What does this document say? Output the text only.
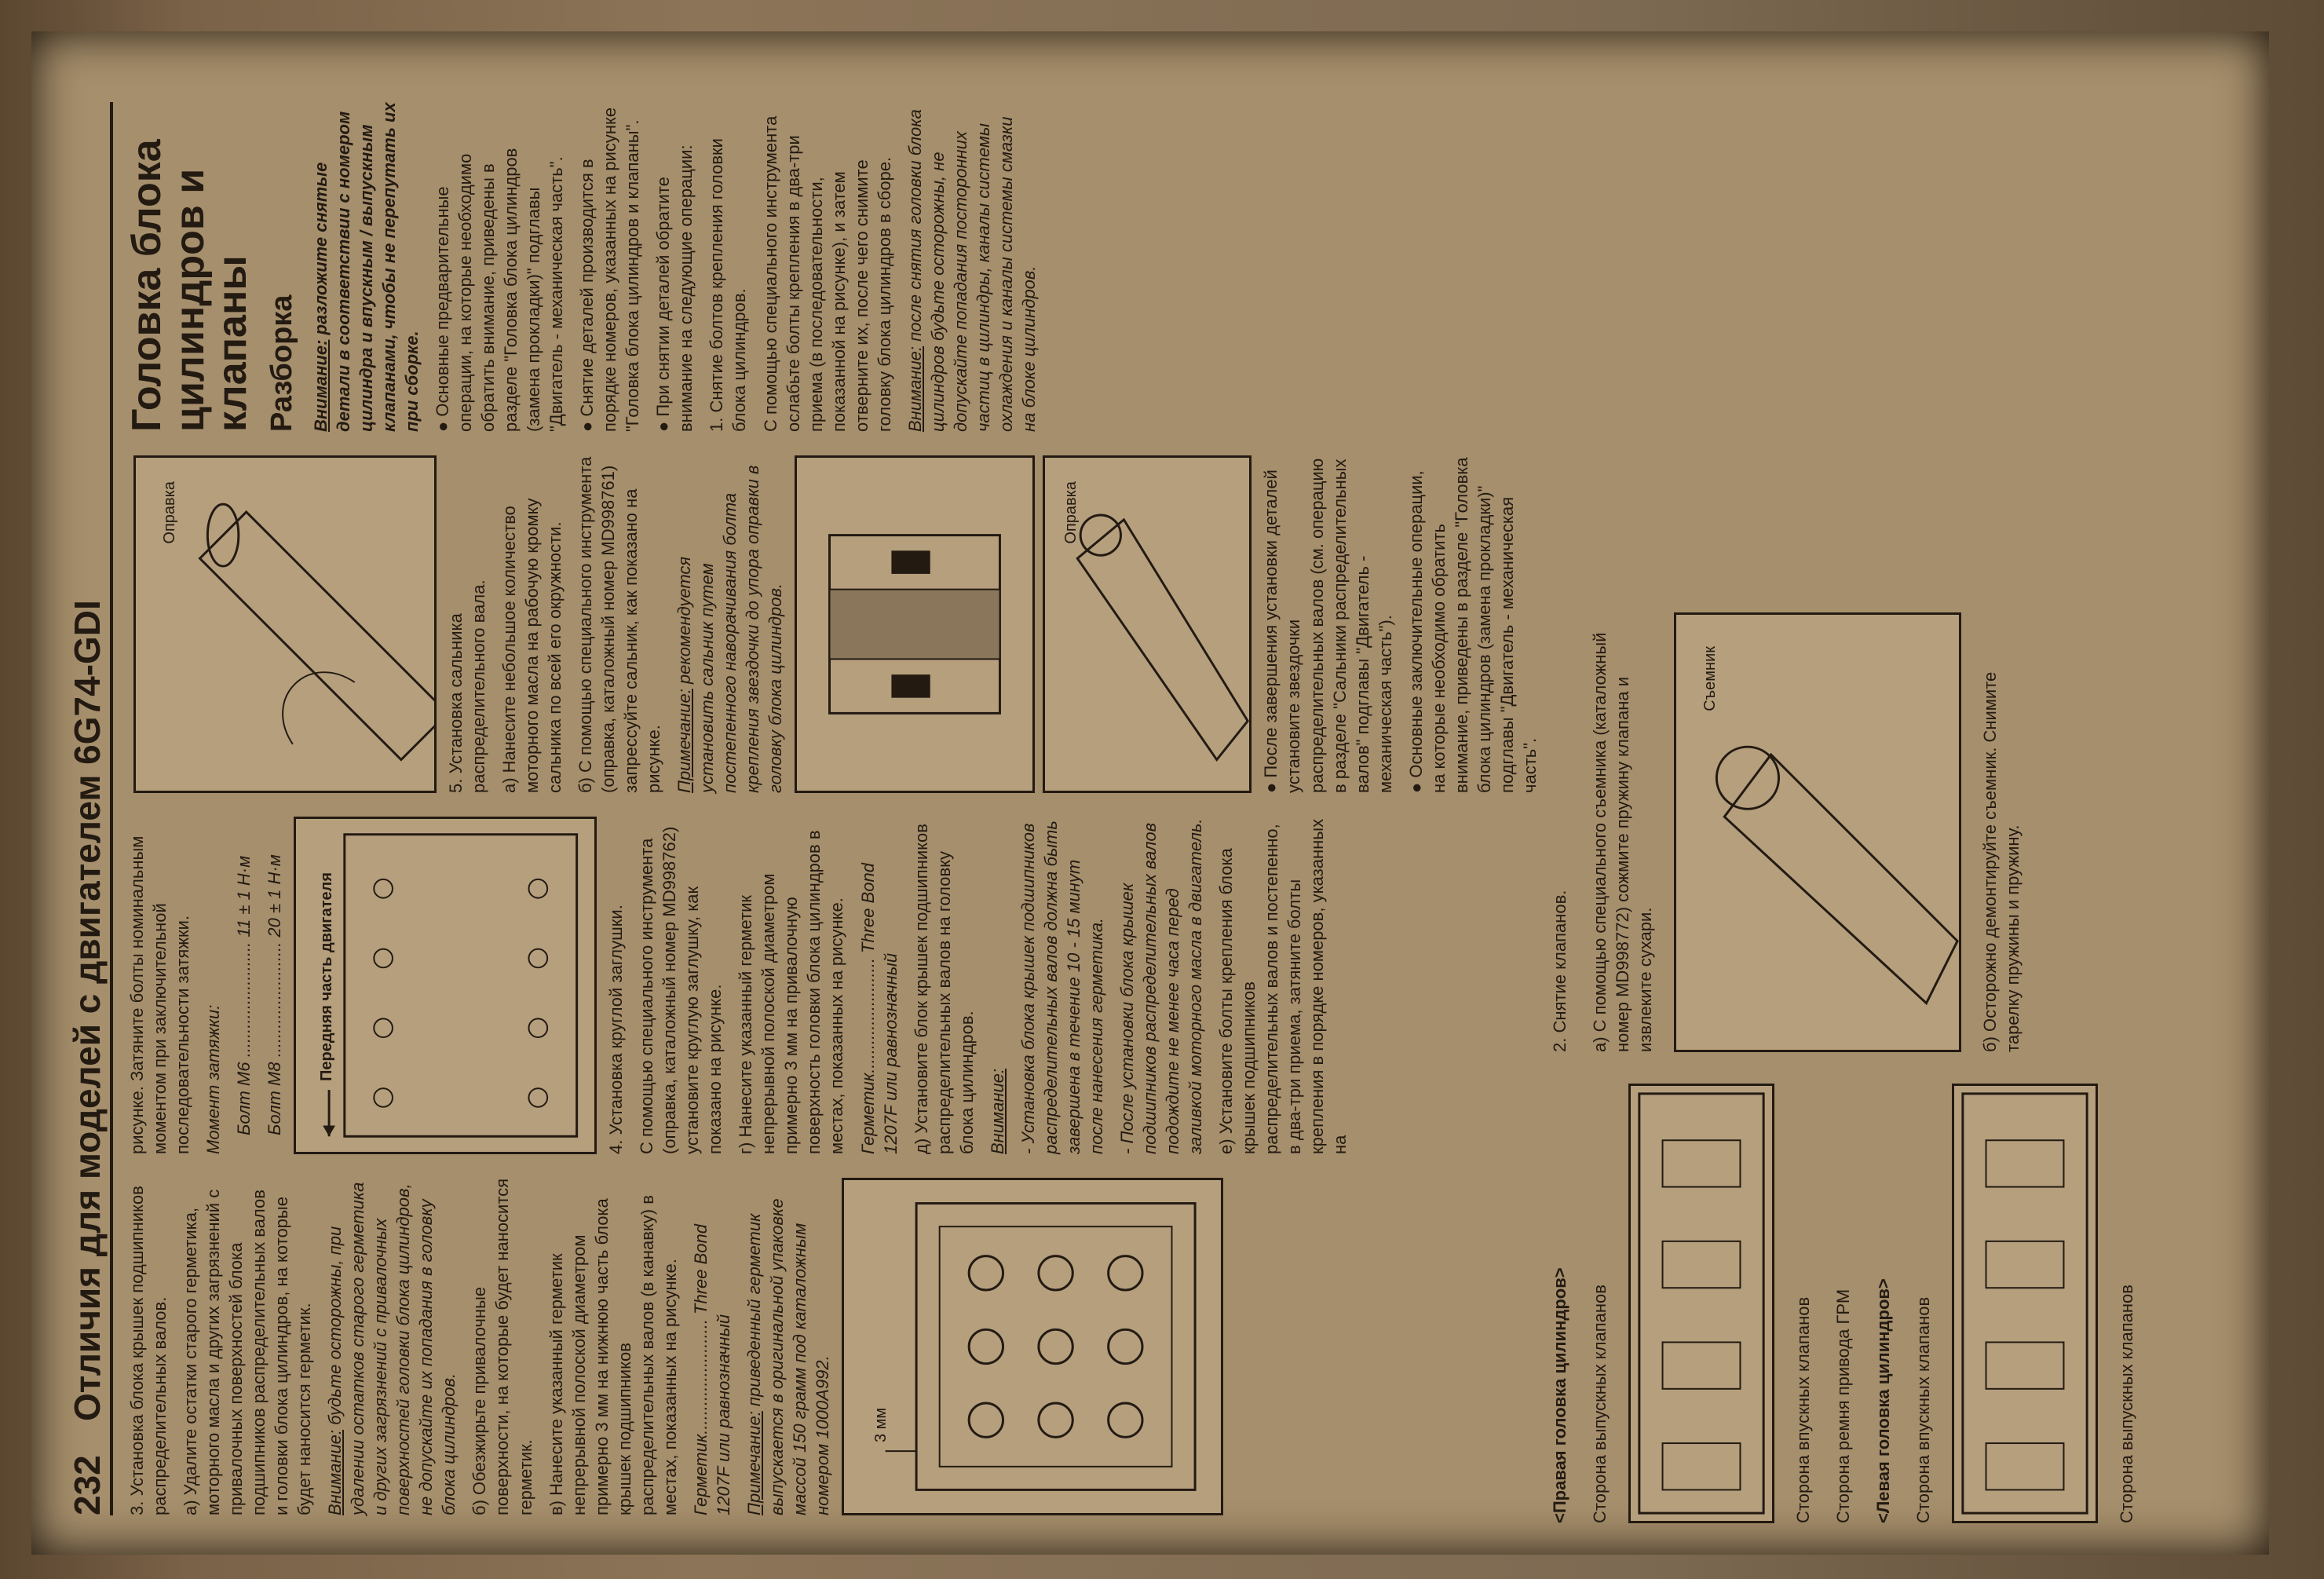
232
Отличия для моделей с двигателем 6G74-GDI 3. Установка блока крышек подшипников распределительных валов. а) Удалите остатки старого герметика, моторного масла и других загрязнений с привалочных поверхностей блока подшипников распределительных валов и головки блока цилиндров, на которые будет наносится герметик. Внимание: будьте осторожны, при удалении остатков старого герметика и других загрязнений с привалочных поверхностей головки блока цилиндров, не допускайте их попадания в головку блока цилиндров. б) Обезжирьте привалочные поверхности, на которые будет наносится герметик. в) Нанесите указанный герметик непрерывной полоской диаметром примерно 3 мм на нижнюю часть блока крышек подшипников распределительных валов (в канавку) в местах, показанных на рисунке. Герметик........................ Three Bond 1207F или равнозначный Примечание: приведенный герметик выпускается в оригинальной упаковке массой 150 грамм под каталожным номером 1000A992.	3 мм

рисунке. Затяните болты номинальным моментом при заключительной последовательности затяжки. Момент затяжки: Болт М6 ........................ 11 ± 1 Н·м Болт М8 ........................ 20 ± 1 Н·м Передняя часть двигателя	4. Установка круглой заглушки. С помощью специального инструмента (оправка, каталожный номер MD998762) установите круглую заглушку, как показано на рисунке. г) Нанесите указанный герметик непрерывной полоской диаметром примерно 3 мм на привалочную поверхность головки блока цилиндров в местах, показанных на рисунке. Герметик........................ Three Bond 1207F или равнозначный д) Установите блок крышек подшипников распределительных валов на головку блока цилиндров. Внимание: - Установка блока крышек подшипников распределительных валов должна быть завершена в течение 10 - 15 минут после нанесения герметика. - После установки блока крышек подшипников распределительных валов подождите не менее часа перед заливкой моторного масла в двигатель. е) Установите болты крепления блока крышек подшипников распределительных валов и постепенно, в два-три приема, затяните болты крепления в порядке номеров, указанных на

Оправка

5. Установка сальника распределительного вала. а) Нанесите небольшое количество моторного масла на рабочую кромку сальника по всей его окружности. б) С помощью специального инструмента (оправка, каталожный номер MD998761) запрессуйте сальник, как показано на рисунке. Примечание: рекомендуется установить сальник путем постепенного наворачивания болта крепления звездочки до упора оправки в головку блока цилиндров.

Оправка	● После завершения установки деталей установите звездочки распределительных валов (см. операцию в разделе "Сальники распределительных валов" подглавы "Двигатель - механическая часть"). ● Основные заключительные операции, на которые необходимо обратить внимание, приведены в разделе "Головка блока цилиндров (замена прокладки)" подглавы "Двигатель - механическая часть".

Головка блока цилиндров и клапаны Разборка Внимание: разложите снятые детали в соответствии с номером цилиндра и впускным / выпускным клапанами, чтобы не перепутать их при сборке. ● Основные предварительные операции, на которые необходимо обратить внимание, приведены в разделе "Головка блока цилиндров (замена прокладки)" подглавы "Двигатель - механическая часть". ● Снятие деталей производится в порядке номеров, указанных на рисунке "Головка блока цилиндров и клапаны". ● При снятии деталей обратите внимание на следующие операции: 1. Снятие болтов крепления головки блока цилиндров. С помощью специального инструмента ослабьте болты крепления в два-три приема (в последовательности, показанной на рисунке), и затем отверните их, после чего снимите головку блока цилиндров в сборе. Внимание: после снятия головки блока цилиндров будьте осторожны, не допускайте попадания посторонних частиц в цилиндры, каналы системы охлаждения и каналы системы смазки на блоке цилиндров.

<Правая головка цилиндров> Сторона выпускных клапанов	Сторона впускных клапанов Сторона ремня привода ГРМ <Левая головка цилиндров> Сторона впускных клапанов	Сторона выпускных клапанов

2. Снятие клапанов. а) С помощью специального съемника (каталожный номер MD998772) сожмите пружину клапана и извлеките сухари.

Съемник	б) Осторожно демонтируйте съемник. Снимите тарелку пружины и пружину.
